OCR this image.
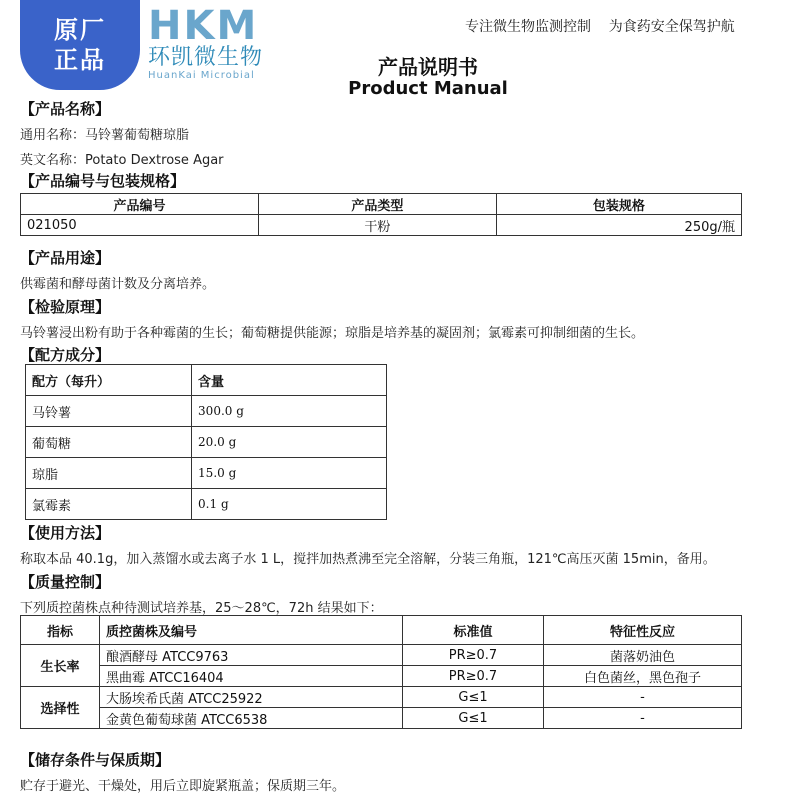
原厂
正品
HKM
环凯微生物
HuanKai Microbial
专注微生物监测控制    为食药安全保驾护航
产品说明书
Product Manual
【产品名称】
通用名称：马铃薯葡萄糖琼脂
英文名称：Potato Dextrose Agar
【产品编号与包装规格】
产品编号	产品类型	包装规格
021050	干粉	250g/瓶
【产品用途】
供霉菌和酵母菌计数及分离培养。
【检验原理】
马铃薯浸出粉有助于各种霉菌的生长；葡萄糖提供能源；琼脂是培养基的凝固剂；氯霉素可抑制细菌的生长。
【配方成分】
配方（每升）	含量
马铃薯	300.0 g
葡萄糖	20.0 g
琼脂	15.0 g
氯霉素	0.1 g
【使用方法】
称取本品 40.1g，加入蒸馏水或去离子水 1 L，搅拌加热煮沸至完全溶解，分装三角瓶，121℃高压灭菌 15min，备用。
【质量控制】
下列质控菌株点种待测试培养基，25～28℃，72h 结果如下：
指标	质控菌株及编号	标准值	特征性反应
生长率	酿酒酵母 ATCC9763	PR≥0.7	菌落奶油色
	黑曲霉 ATCC16404	PR≥0.7	白色菌丝，黑色孢子
选择性	大肠埃希氏菌 ATCC25922	G≤1	-
	金黄色葡萄球菌 ATCC6538	G≤1	-
【储存条件与保质期】
贮存于避光、干燥处，用后立即旋紧瓶盖；保质期三年。
